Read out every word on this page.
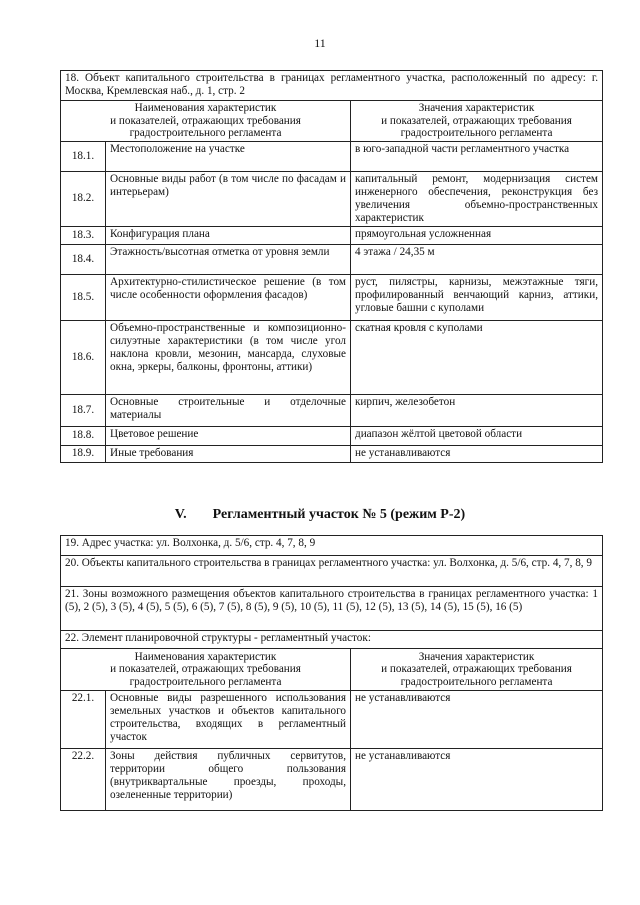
11
18. Объект капитального строительства в границах регламентного участка, расположенный по адресу: г. Москва, Кремлевская наб., д. 1, стр. 2		
Наименования характеристик
и показателей, отражающих требования
градостроительного регламента		Значения характеристик
и показателей, отражающих требования
градостроительного регламента
18.1.	Местоположение на участке	в юго-западной части регламентного участка
18.2.	Основные виды работ (в том числе по фасадам и интерьерам)	капитальный ремонт, модернизация систем инженерного обеспечения, реконструкция без увеличения объемно-пространственных характеристик
18.3.	Конфигурация плана	прямоугольная усложненная
18.4.	Этажность/высотная отметка от уровня земли	4 этажа / 24,35 м
18.5.	Архитектурно-стилистическое решение (в том числе особенности оформления фасадов)	руст, пилястры, карнизы, межэтажные тяги, профилированный венчающий карниз, аттики, угловые башни с куполами
18.6.	Объемно-пространственные и композиционно-силуэтные характеристики (в том числе угол наклона кровли, мезонин, мансарда, слуховые окна, эркеры, балконы, фронтоны, аттики)	скатная кровля с куполами
18.7.	Основные строительные и отделочные материалы	кирпич, железобетон
18.8.	Цветовое решение	диапазон жёлтой цветовой области
18.9.	Иные требования	не устанавливаются
V. Регламентный участок № 5 (режим Р-2)
19. Адрес участка: ул. Волхонка, д. 5/6, стр. 4, 7, 8, 9		
20. Объекты капитального строительства в границах регламентного участка: ул. Волхонка, д. 5/6, стр. 4, 7, 8, 9		
21. Зоны возможного размещения объектов капитального строительства в границах регламентного участка: 1 (5), 2 (5), 3 (5), 4 (5), 5 (5), 6 (5), 7 (5), 8 (5), 9 (5), 10 (5), 11 (5), 12 (5), 13 (5), 14 (5), 15 (5), 16 (5)		
22. Элемент планировочной структуры - регламентный участок:		
Наименования характеристик
и показателей, отражающих требования
градостроительного регламента		Значения характеристик
и показателей, отражающих требования
градостроительного регламента
22.1.	Основные виды разрешенного использования земельных участков и объектов капитального строительства, входящих в регламентный участок	не устанавливаются
22.2.	Зоны действия публичных сервитутов, территории общего пользования (внутриквартальные проезды, проходы, озелененные территории)	не устанавливаются
